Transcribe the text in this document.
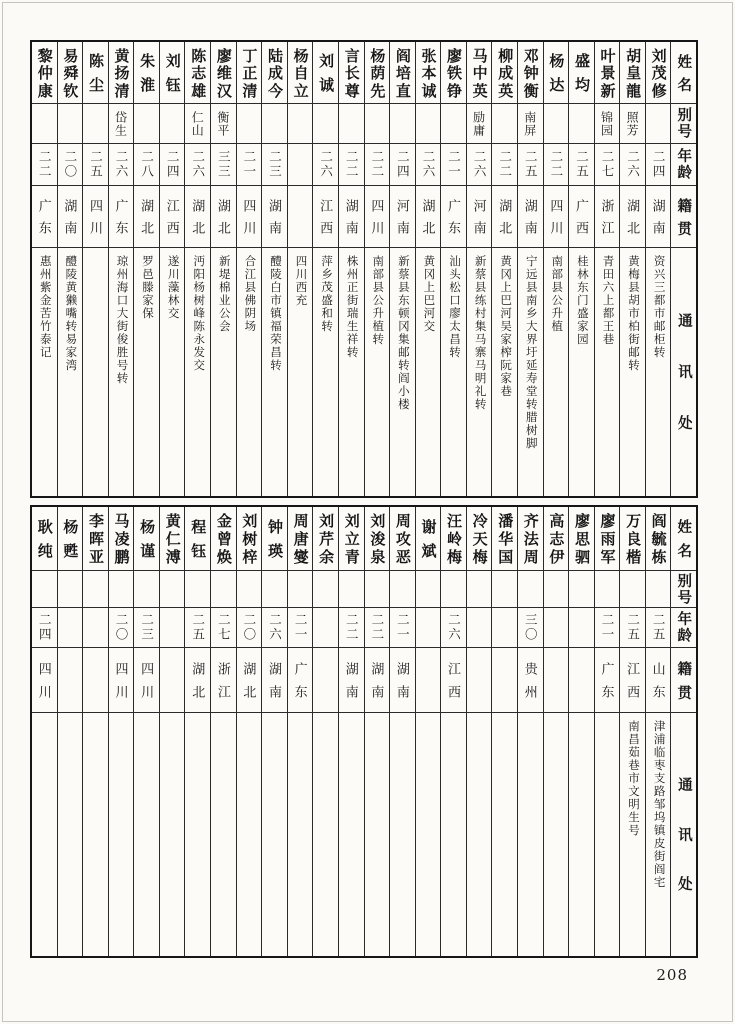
黎
仲
康
二二
广
东
惠州紫金苦竹泰记
易
舜
钦
二〇
湖
南
醴陵黄獭嘴转易家湾
陈
尘
二五
四
川
黄
扬
清
岱生
二六
广
东
琼州海口大街俊胜号转
朱
淮
二八
湖
北
罗邑滕家保
刘
钰
二四
江
西
遂川藻林交
陈
志
雄
仁山
二六
湖
北
沔阳杨树峰陈永发交
廖
维
汉
衡平
三三
湖
北
新堤棉业公会
丁
正
清
二一
四
川
合江县佛阴场
陆
成
今
二三
湖
南
醴陵白市镇福荣昌转
杨
自
立
四川西充
刘
诚
二六
江
西
萍乡茂盛和转
言
长
尊
二二
湖
南
株州正街瑞生祥转
杨
荫
先
二二
四
川
南部县公升植转
阎
培
直
二四
河
南
新蔡县东顿冈集邮转阎小楼
张
本
诚
二六
湖
北
黄冈上巴河交
廖
铁
铮
二一
广
东
汕头松口廖太昌转
马
中
英
励庸
二六
河
南
新蔡县练村集马寨马明礼转
柳
成
英
二二
湖
北
黄冈上巴河吴家榨阮家巷
邓
钟
衡
南屏
二五
湖
南
宁远县南乡大界圩延寿堂转腊树脚
杨
达
二二
四
川
南部县公升植
盛
均
二五
广
西
桂林东门盛家园
叶
景
新
锦园
二七
浙
江
青田六上都王巷
胡
皇
龍
照芳
二六
湖
北
黄梅县胡市柏街邮转
刘
茂
修
二四
湖
南
资兴三都市邮柜转
姓
名
别号
年龄
籍
贯
通
讯
处
耿
纯
二四
四
川
杨
甦
李
晖
亚
马
凌
鹏
二〇
四
川
杨
谨
二三
四
川
黄
仁
溥
程
钰
二五
湖
北
金
曾
焕
二七
浙
江
刘
树
梓
二〇
湖
北
钟
瑛
二六
湖
南
周
唐
燮
二一
广
东
刘
芹
余
刘
立
青
二二
湖
南
刘
浚
泉
二二
湖
南
周
攻
恶
二一
湖
南
谢
斌
汪
岭
梅
二六
江
西
冷
天
梅
潘
华
国
齐
法
周
三〇
贵
州
高
志
伊
廖
思
驷
廖
雨
军
二一
广
东
万
良
楷
二五
江
西
南昌茹巷市文明生号
阎
毓
栋
二五
山
东
津浦临枣支路邹坞镇皮街阎宅
姓
名
别号
年龄
籍
贯
通
讯
处
208
